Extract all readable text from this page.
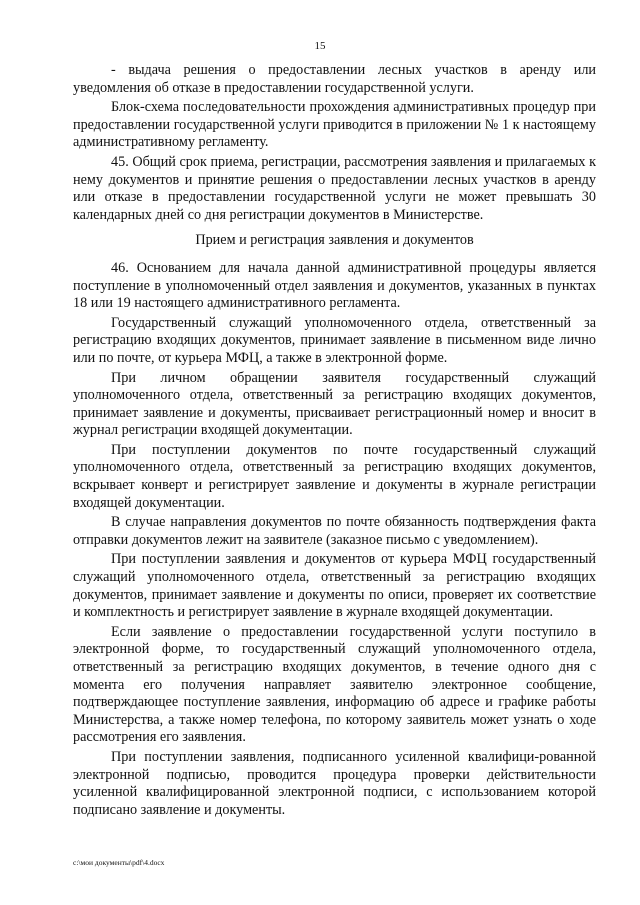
15

- выдача решения о предоставлении лесных участков в аренду или уведомления об отказе в предоставлении государственной услуги.

Блок-схема последовательности прохождения административных процедур при предоставлении государственной услуги приводится в приложении № 1 к настоящему административному регламенту.

45. Общий срок приема, регистрации, рассмотрения заявления и прилагаемых к нему документов и принятие решения о предоставлении лесных участков в аренду или отказе в предоставлении государственной услуги не может превышать 30 календарных дней со дня регистрации документов в Министерстве.

Прием и регистрация заявления и документов

46. Основанием для начала данной административной процедуры является поступление в уполномоченный отдел заявления и документов, указанных в пунктах 18 или 19 настоящего административного регламента.

Государственный служащий уполномоченного отдела, ответственный за регистрацию входящих документов, принимает заявление в письменном виде лично или по почте, от курьера МФЦ, а также в электронной форме.

При личном обращении заявителя государственный служащий уполномоченного отдела, ответственный за регистрацию входящих документов, принимает заявление и документы, присваивает регистрационный номер и вносит в журнал регистрации входящей документации.

При поступлении документов по почте государственный служащий уполномоченного отдела, ответственный за регистрацию входящих документов, вскрывает конверт и регистрирует заявление и документы в журнале регистрации входящей документации.

В случае направления документов по почте обязанность подтверждения факта отправки документов лежит на заявителе (заказное письмо с уведомлением).

При поступлении заявления и документов от курьера МФЦ государственный служащий уполномоченного отдела, ответственный за регистрацию входящих документов, принимает заявление и документы по описи, проверяет их соответствие и комплектность и регистрирует заявление в журнале входящей документации.

Если заявление о предоставлении государственной услуги поступило в электронной форме, то государственный служащий уполномоченного отдела, ответственный за регистрацию входящих документов, в течение одного дня с момента его получения направляет заявителю электронное сообщение, подтверждающее поступление заявления, информацию об адресе и графике работы Министерства, а также номер телефона, по которому заявитель может узнать о ходе рассмотрения его заявления.

При поступлении заявления, подписанного усиленной квалифици-рованной электронной подписью, проводится процедура проверки действительности усиленной квалифицированной электронной подписи, с использованием которой подписано заявление и документы.

c:\мои документы\pdf\4.docx
